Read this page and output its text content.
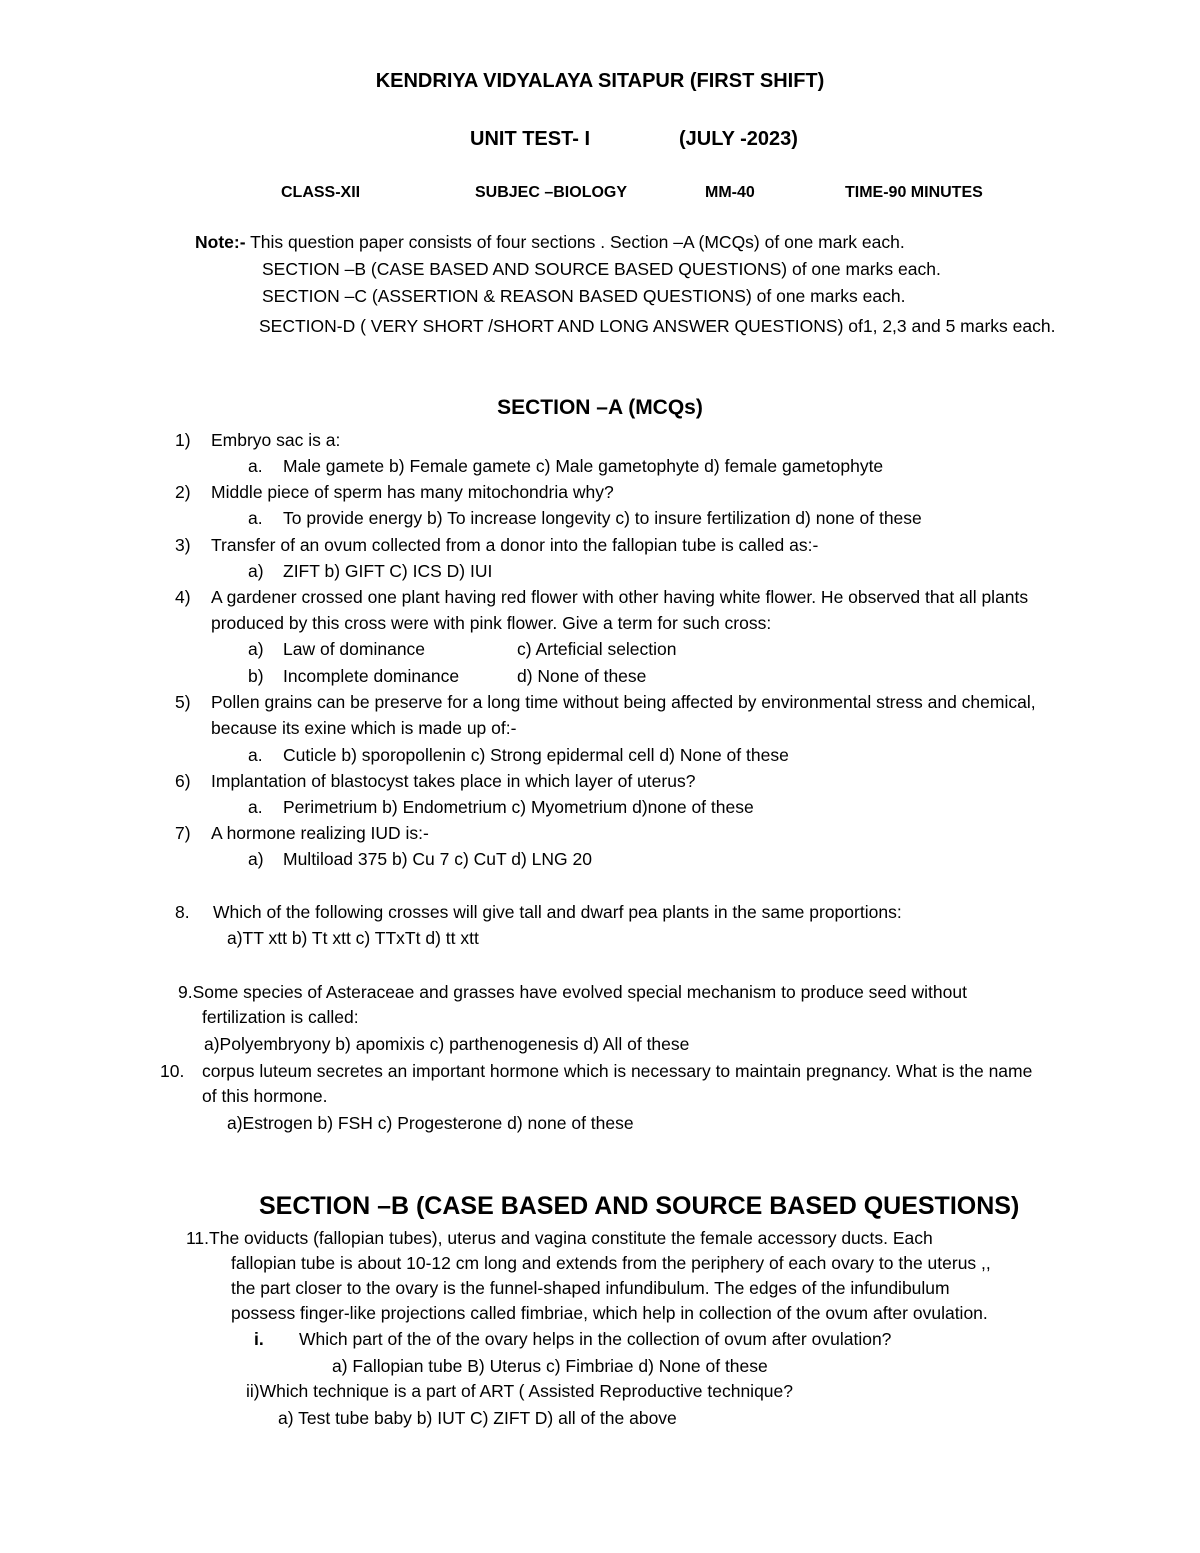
KENDRIYA VIDYALAYA SITAPUR (FIRST SHIFT)
UNIT TEST- I	(JULY -2023)
CLASS-XII	SUBJEC –BIOLOGY	MM-40	TIME-90 MINUTES
Note:- This question paper consists of four sections . Section –A (MCQs) of one mark each.
SECTION –B (CASE BASED AND SOURCE BASED QUESTIONS) of one marks each.
SECTION –C (ASSERTION & REASON BASED QUESTIONS) of one marks each.
SECTION-D ( VERY SHORT /SHORT AND LONG ANSWER QUESTIONS) of1, 2,3 and 5 marks each.
SECTION –A (MCQs)
1) Embryo sac is a:
a. Male gamete b) Female gamete c) Male gametophyte d) female gametophyte
2) Middle piece of sperm has many mitochondria why?
a. To provide energy b) To increase longevity c) to insure fertilization d) none of these
3) Transfer of an ovum collected from a donor into the fallopian tube is called as:-
a) ZIFT b) GIFT C) ICS D) IUI
4) A gardener crossed one plant having red flower with other having white flower. He observed that all plants
produced by this cross were with pink flower. Give a term for such cross:
a) Law of dominance	c) Arteficial selection
b) Incomplete dominance	d) None of these
5) Pollen grains can be preserve for a long time without being affected by environmental stress and chemical,
because its exine which is made up of:-
a. Cuticle b) sporopollenin c) Strong epidermal cell d) None of these
6) Implantation of blastocyst takes place in which layer of uterus?
a. Perimetrium b) Endometrium c) Myometrium d)none of these
7) A hormone realizing IUD is:-
a) Multiload 375 b) Cu 7 c) CuT d) LNG 20
8. Which of the following crosses will give tall and dwarf pea plants in the same proportions:
a)TT xtt b) Tt xtt c) TTxTt d) tt xtt
9.Some species of Asteraceae and grasses have evolved special mechanism to produce seed without
fertilization is called:
a)Polyembryony b) apomixis c) parthenogenesis d) All of these
10. corpus luteum secretes an important hormone which is necessary to maintain pregnancy. What is the name
of this hormone.
a)Estrogen b) FSH c) Progesterone d) none of these
SECTION –B (CASE BASED AND SOURCE BASED QUESTIONS)
11.The oviducts (fallopian tubes), uterus and vagina constitute the female accessory ducts. Each
fallopian tube is about 10-12 cm long and extends from the periphery of each ovary to the uterus ,,
the part closer to the ovary is the funnel-shaped infundibulum. The edges of the infundibulum
possess finger-like projections called fimbriae, which help in collection of the ovum after ovulation.
i. Which part of the of the ovary helps in the collection of ovum after ovulation?
a) Fallopian tube B) Uterus c) Fimbriae d) None of these
ii)Which technique is a part of ART ( Assisted Reproductive technique?
a) Test tube baby b) IUT C) ZIFT D) all of the above
